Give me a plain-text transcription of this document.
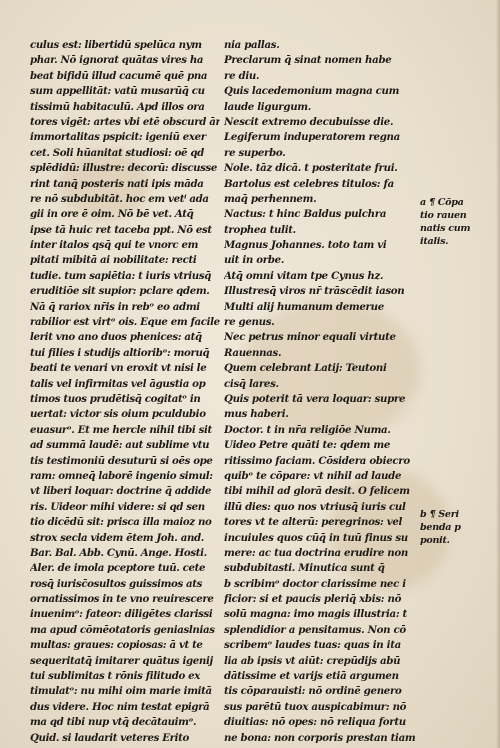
culus est: libertidū spelūca nym
phar. Nō ignorat quātas vires ha
beat bifidū illud cacumē quē pna
sum appellitāt: vatū musarūq̄ cu
tissimū habitaculū. Apd illos ora
tores vigēt: artes vbi etē obscurd ār
immortalitas pspicit: igeniū exer
cet. Soli hūanitat studiosi: oē qd
splēdidū: illustre: decorū: discusse
rint tanq̄ posteris nati ipis māda
re nō subdubitāt. hoc em vetⁱ ada
gii in ore ē oim. Nō bē vet. Atq̄
ipse tā huic ret taceba ppt. Nō est
inter italos qsq̄ qui te vnorc em
pitati mibitā ai nobilitate: recti
tudie. tum sapiētia: t iuris vtriusq̄
eruditiōe sit supior: pclare qdem.
Nā q̄ rariox nr̄is in rebᵒ eo admi
rabilior est virtᵒ ois. Eque em facile
lerit vno ano duos phenices: atq̄
tui filies i studijs altioribᵒ: moruq̄
beati te venari vn eroxit vt nisi le
talis vel infirmitas vel āgustia op
timos tuos prudētisq̄ cogitatᵒ in
uertat: victor sis oium pculdubio
euasurᵒ. Et me hercle nihil tibi sit
ad summā laudē: aut sublime vtu
tis testimoniū desuturū si oēs ope
ram: omneq̄ laborē ingenio simul:
vt liberi loquar: doctrine q̄ addide
ris. Uideor mihi videre: si qd sen
tio dicēdū sit: prisca illa maioz no
strox secla videm ētem Joh. and.
Bar. Bal. Abb. Cynū. Ange. Hosti.
Aler. de imola pceptore tuū. cete
rosq̄ iurisc̄osultos guissimos ats
ornatissimos in te vno reuirescere
inuenimᵒ: fateor: diligētes clarissi
ma apud cōmēotatoris geniaslnias
multas: graues: copiosas: ā vt te
sequeritatq̄ imitarer quātus igenij
tui sublimitas t rōnis filitudo ex
timulatᵒ: nu mihi oim marie imitā
dus videre. Hoc nim testat epigrā
ma qd tibi nup vtq̄ decātauimᵒ.
Quid. si laudarit veteres Erito
nia pallas.
Preclarum q̄ sinat nomen habe
re diu.
Quis lacedemonium magna cum
laude ligurgum.
Nescit extremo decubuisse die.
Legiferum induperatorem regna
re superbo.
Nole. tāz dicā. t posteritate frui.
Bartolus est celebres titulos: fa
maq̄ perhennem.
Nactus: t hinc Baldus pulchra
trophea tulit.
Magnus Johannes. toto tam vi
uit in orbe.
Atq̄ omni vitam tpe Cynus hz.
Illustresq̄ viros nr̄ trāscēdit iason
Multi alij humanum demerue
re genus.
Nec petrus minor equali virtute
Rauennas.
Quem celebrant Latij: Teutoni
cisq̄ lares.
Quis poterit tā vera loquar: supre
mus haberi.
Doctor. t in nr̄a religiōe Numa.
Uideo Petre quāti te: qdem me
ritissimo faciam. Cōsidera obiecro
quibᵒ te cōpare: vt nihil ad laude
tibi mihil ad glorā desit. O felicem
illū dies: quo nos vtriusq̄ iuris cul
tores vt te alterū: peregrinos: vel
incuiules quos cūq̄ in tuū finus su
mere: ac tua doctrina erudire non
subdubitasti. Minutica sunt q̄
b scribimᵒ doctor clarissime nec i
ficior: si et paucis pleriq̄ xbis: nō
solū magna: imo magis illustria: t
splendidior a pensitamus. Non cō
scribemᵒ laudes tuas: quas in ita
lia ab ipsis vt aiūt: crepūdijs abū
dātissime et varijs etiā argumen
tis cōparauisti: nō ordinē genero
sus parētū tuox auspicabimur: nō
diuitias: nō opes: nō reliqua fortu
ne bona: non corporis prestan tiam
a ¶ Cōpa
tio rauen
natis cum
italis.
b ¶ Seri
benda p
ponit.
